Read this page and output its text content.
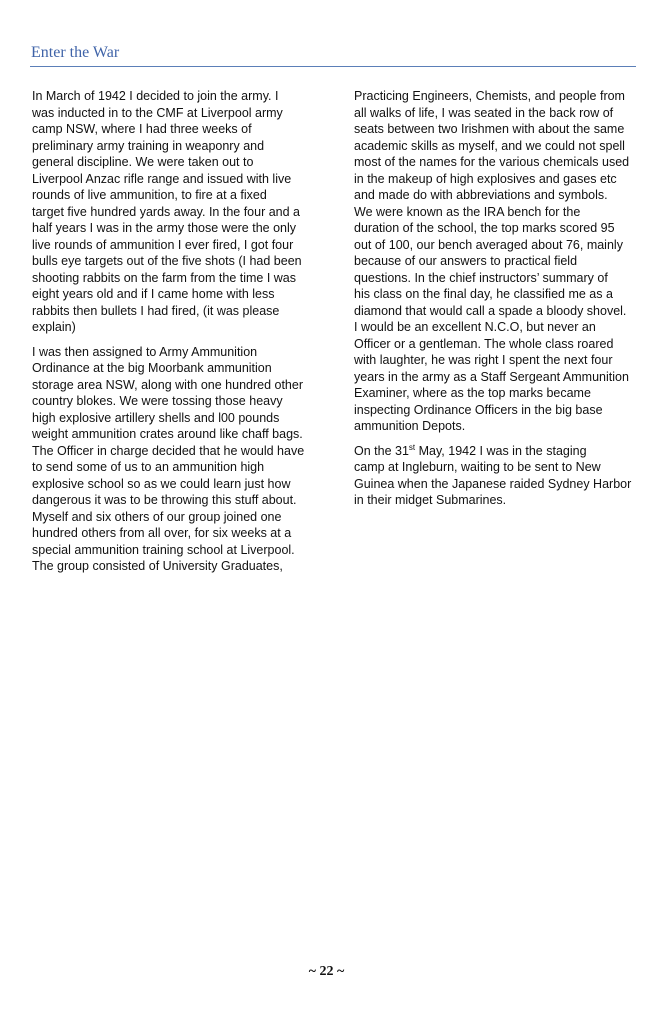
Enter the War

In March of 1942 I decided to join the army. I
was inducted in to the CMF at Liverpool army
camp NSW, where I had three weeks of
preliminary army training in weaponry and
general discipline. We were taken out to
Liverpool Anzac rifle range and issued with live
rounds of live ammunition, to fire at a fixed
target five hundred yards away. In the four and a
half years I was in the army those were the only
live rounds of ammunition I ever fired, I got four
bulls eye targets out of the five shots (I had been
shooting rabbits on the farm from the time I was
eight years old and if I came home with less
rabbits then bullets I had fired, (it was please
explain)

I was then assigned to Army Ammunition
Ordinance at the big Moorbank ammunition
storage area NSW, along with one hundred other
country blokes. We were tossing those heavy
high explosive artillery shells and l00 pounds
weight ammunition crates around like chaff bags.
The Officer in charge decided that he would have
to send some of us to an ammunition high
explosive school so as we could learn just how
dangerous it was to be throwing this stuff about.
Myself and six others of our group joined one
hundred others from all over, for six weeks at a
special ammunition training school at Liverpool.
The group consisted of University Graduates,

Practicing Engineers, Chemists, and people from
all walks of life, I was seated in the back row of
seats between two Irishmen with about the same
academic skills as myself, and we could not spell
most of the names for the various chemicals used
in the makeup of high explosives and gases etc
and made do with abbreviations and symbols.
We were known as the IRA bench for the
duration of the school, the top marks scored 95
out of 100, our bench averaged about 76, mainly
because of our answers to practical field
questions. In the chief instructors’ summary of
his class on the final day, he classified me as a
diamond that would call a spade a bloody shovel.
I would be an excellent N.C.O, but never an
Officer or a gentleman. The whole class roared
with laughter, he was right I spent the next four
years in the army as a Staff Sergeant Ammunition
Examiner, where as the top marks became
inspecting Ordinance Officers in the big base
ammunition Depots.

On the 31st May, 1942 I was in the staging
camp at Ingleburn, waiting to be sent to New
Guinea when the Japanese raided Sydney Harbor
in their midget Submarines.

~ 22 ~
